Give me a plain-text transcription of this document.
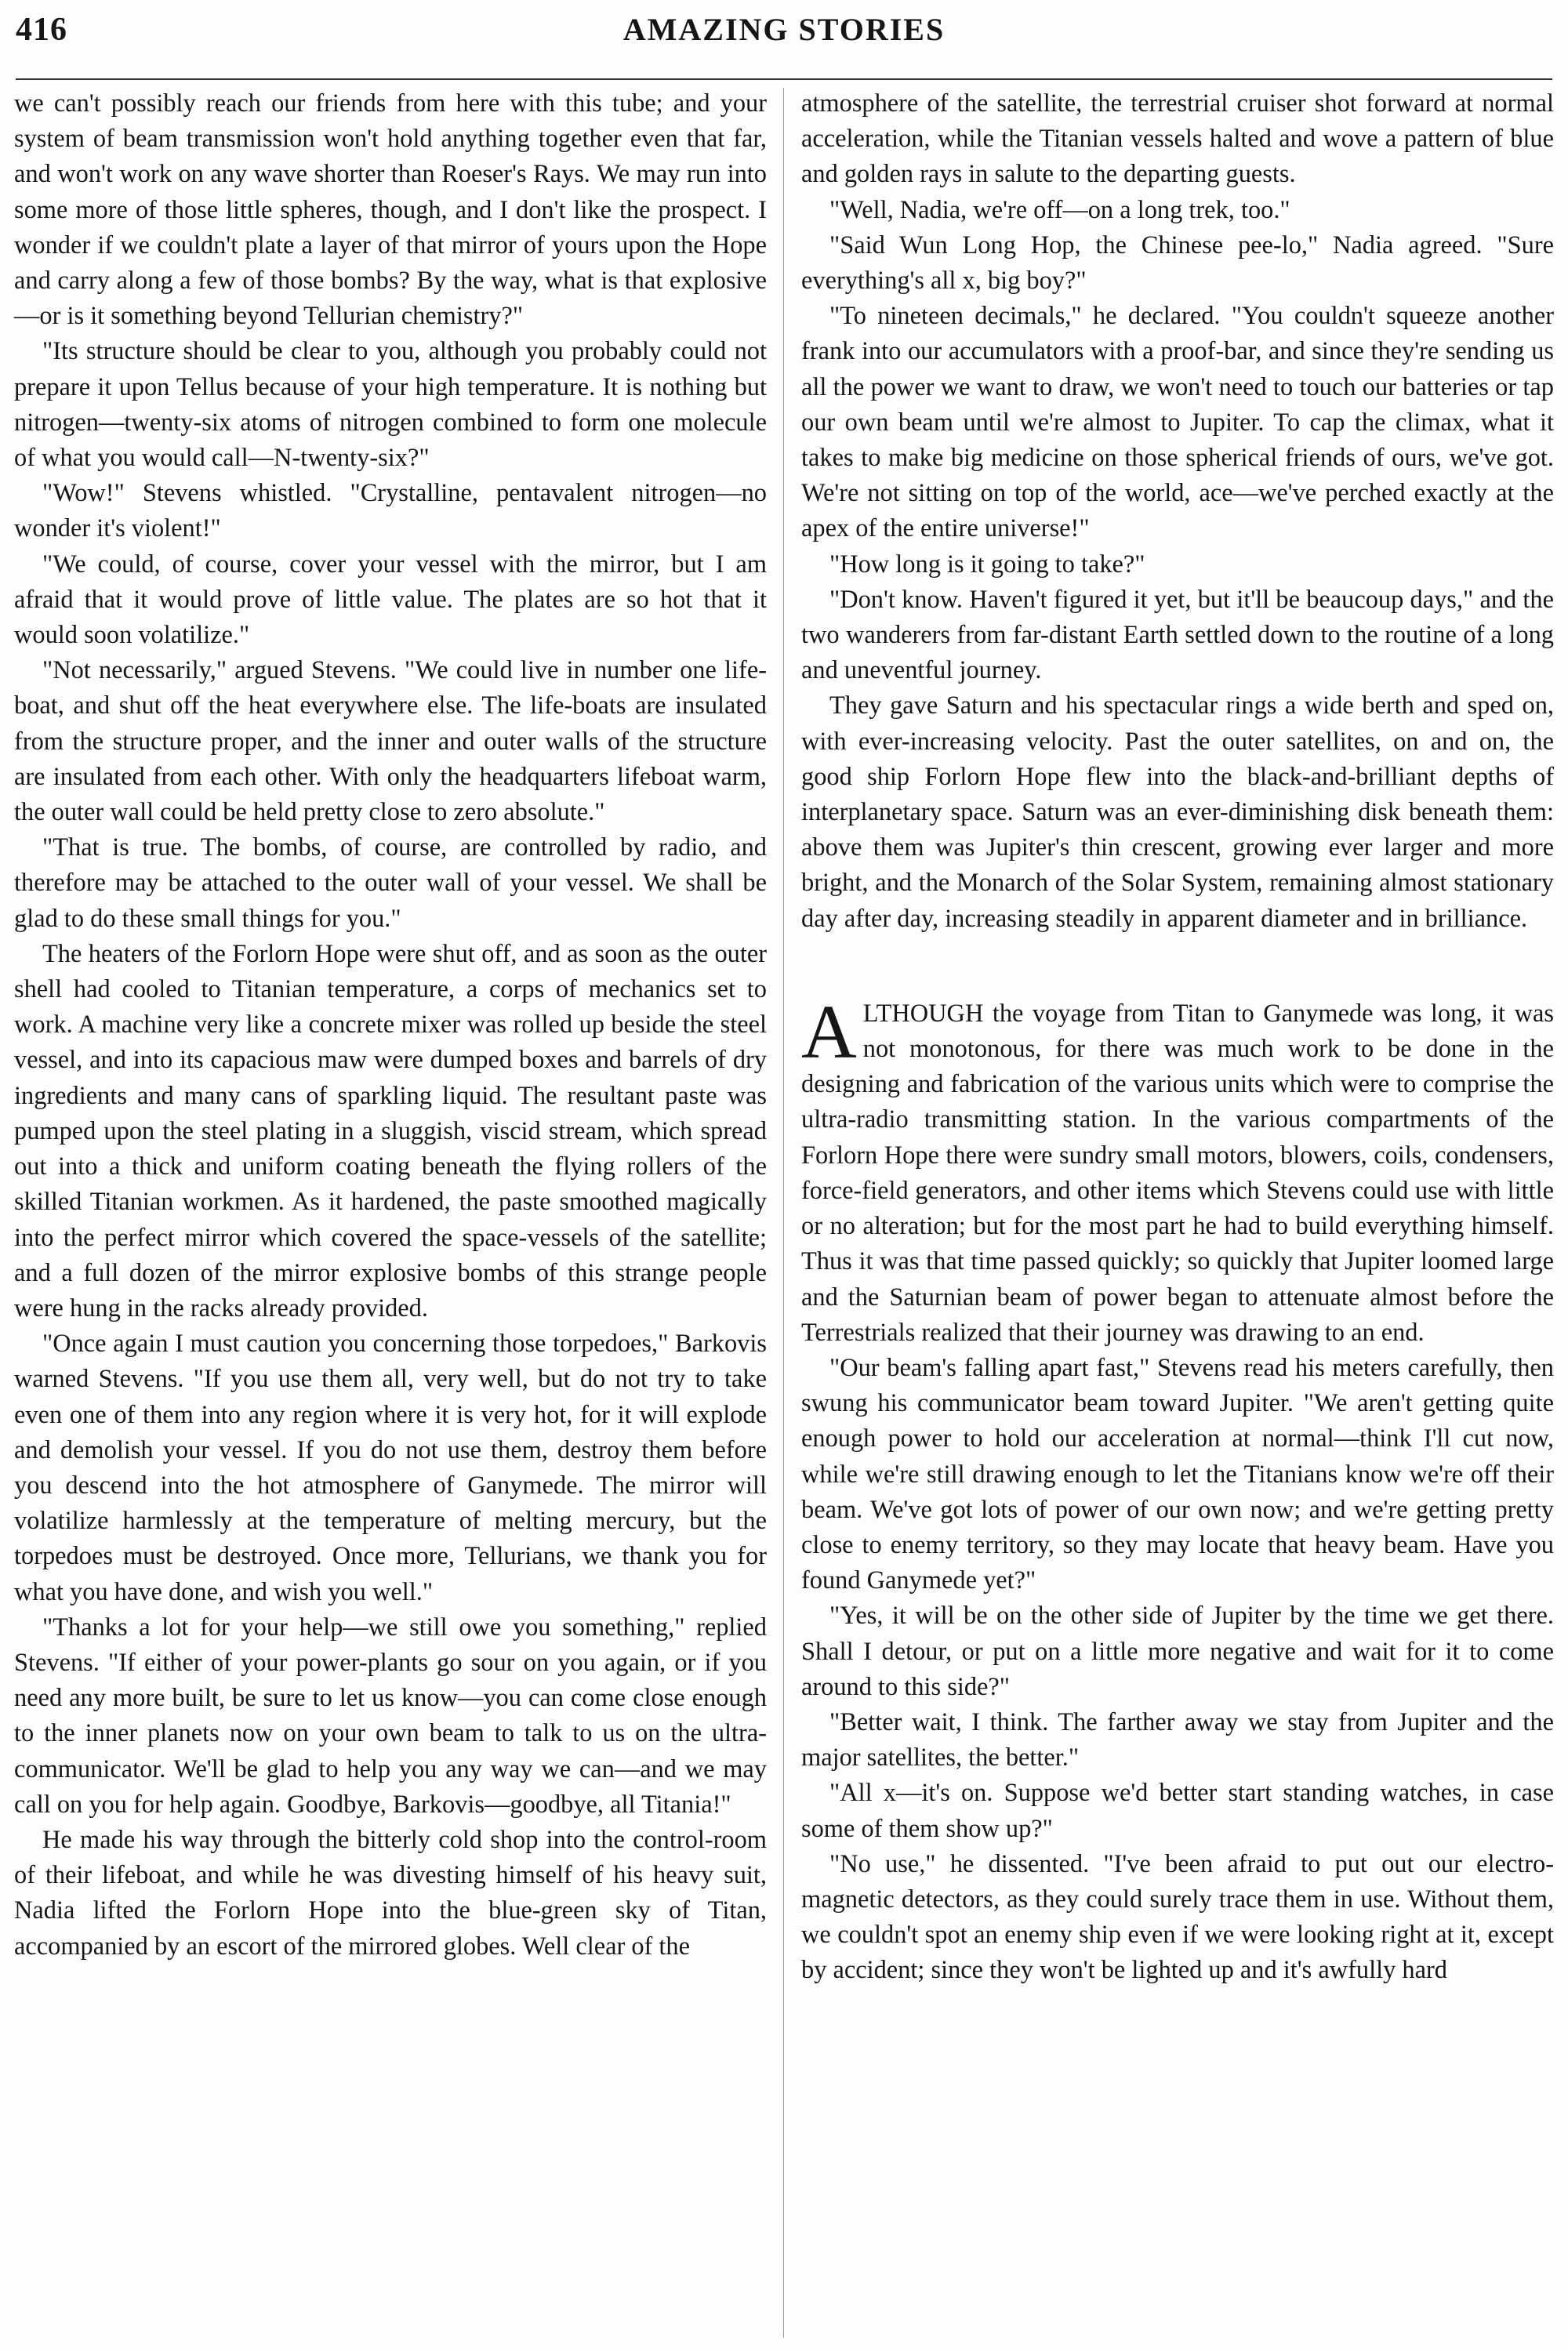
416	AMAZING STORIES

we can't possibly reach our friends from here with this tube; and your system of beam transmission won't hold anything together even that far, and won't work on any wave shorter than Roeser's Rays. We may run into some more of those little spheres, though, and I don't like the prospect. I wonder if we couldn't plate a layer of that mirror of yours upon the Hope and carry along a few of those bombs? By the way, what is that explosive—or is it something beyond Tellurian chemistry?"

"Its structure should be clear to you, although you probably could not prepare it upon Tellus because of your high temperature. It is nothing but nitrogen—twenty-six atoms of nitrogen combined to form one molecule of what you would call—N-twenty-six?"

"Wow!" Stevens whistled. "Crystalline, pentavalent nitrogen—no wonder it's violent!"

"We could, of course, cover your vessel with the mirror, but I am afraid that it would prove of little value. The plates are so hot that it would soon volatilize."

"Not necessarily," argued Stevens. "We could live in number one life-boat, and shut off the heat everywhere else. The life-boats are insulated from the structure proper, and the inner and outer walls of the structure are insulated from each other. With only the headquarters lifeboat warm, the outer wall could be held pretty close to zero absolute."

"That is true. The bombs, of course, are controlled by radio, and therefore may be attached to the outer wall of your vessel. We shall be glad to do these small things for you."

The heaters of the Forlorn Hope were shut off, and as soon as the outer shell had cooled to Titanian temperature, a corps of mechanics set to work. A machine very like a concrete mixer was rolled up beside the steel vessel, and into its capacious maw were dumped boxes and barrels of dry ingredients and many cans of sparkling liquid. The resultant paste was pumped upon the steel plating in a sluggish, viscid stream, which spread out into a thick and uniform coating beneath the flying rollers of the skilled Titanian workmen. As it hardened, the paste smoothed magically into the perfect mirror which covered the space-vessels of the satellite; and a full dozen of the mirror explosive bombs of this strange people were hung in the racks already provided.

"Once again I must caution you concerning those torpedoes," Barkovis warned Stevens. "If you use them all, very well, but do not try to take even one of them into any region where it is very hot, for it will explode and demolish your vessel. If you do not use them, destroy them before you descend into the hot atmosphere of Ganymede. The mirror will volatilize harmlessly at the temperature of melting mercury, but the torpedoes must be destroyed. Once more, Tellurians, we thank you for what you have done, and wish you well."

"Thanks a lot for your help—we still owe you something," replied Stevens. "If either of your power-plants go sour on you again, or if you need any more built, be sure to let us know—you can come close enough to the inner planets now on your own beam to talk to us on the ultra-communicator. We'll be glad to help you any way we can—and we may call on you for help again. Goodbye, Barkovis—goodbye, all Titania!"

He made his way through the bitterly cold shop into the control-room of their lifeboat, and while he was divesting himself of his heavy suit, Nadia lifted the Forlorn Hope into the blue-green sky of Titan, accompanied by an escort of the mirrored globes. Well clear of the

atmosphere of the satellite, the terrestrial cruiser shot forward at normal acceleration, while the Titanian vessels halted and wove a pattern of blue and golden rays in salute to the departing guests.

"Well, Nadia, we're off—on a long trek, too."

"Said Wun Long Hop, the Chinese pee-lo," Nadia agreed. "Sure everything's all x, big boy?"

"To nineteen decimals," he declared. "You couldn't squeeze another frank into our accumulators with a proof-bar, and since they're sending us all the power we want to draw, we won't need to touch our batteries or tap our own beam until we're almost to Jupiter. To cap the climax, what it takes to make big medicine on those spherical friends of ours, we've got. We're not sitting on top of the world, ace—we've perched exactly at the apex of the entire universe!"

"How long is it going to take?"

"Don't know. Haven't figured it yet, but it'll be beaucoup days," and the two wanderers from far-distant Earth settled down to the routine of a long and uneventful journey.

They gave Saturn and his spectacular rings a wide berth and sped on, with ever-increasing velocity. Past the outer satellites, on and on, the good ship Forlorn Hope flew into the black-and-brilliant depths of interplanetary space. Saturn was an ever-diminishing disk beneath them: above them was Jupiter's thin crescent, growing ever larger and more bright, and the Monarch of the Solar System, remaining almost stationary day after day, increasing steadily in apparent diameter and in brilliance.

ALTHOUGH the voyage from Titan to Ganymede was long, it was not monotonous, for there was much work to be done in the designing and fabrication of the various units which were to comprise the ultra-radio transmitting station. In the various compartments of the Forlorn Hope there were sundry small motors, blowers, coils, condensers, force-field generators, and other items which Stevens could use with little or no alteration; but for the most part he had to build everything himself. Thus it was that time passed quickly; so quickly that Jupiter loomed large and the Saturnian beam of power began to attenuate almost before the Terrestrials realized that their journey was drawing to an end.

"Our beam's falling apart fast," Stevens read his meters carefully, then swung his communicator beam toward Jupiter. "We aren't getting quite enough power to hold our acceleration at normal—think I'll cut now, while we're still drawing enough to let the Titanians know we're off their beam. We've got lots of power of our own now; and we're getting pretty close to enemy territory, so they may locate that heavy beam. Have you found Ganymede yet?"

"Yes, it will be on the other side of Jupiter by the time we get there. Shall I detour, or put on a little more negative and wait for it to come around to this side?"

"Better wait, I think. The farther away we stay from Jupiter and the major satellites, the better."

"All x—it's on. Suppose we'd better start standing watches, in case some of them show up?"

"No use," he dissented. "I've been afraid to put out our electro-magnetic detectors, as they could surely trace them in use. Without them, we couldn't spot an enemy ship even if we were looking right at it, except by accident; since they won't be lighted up and it's awfully hard
